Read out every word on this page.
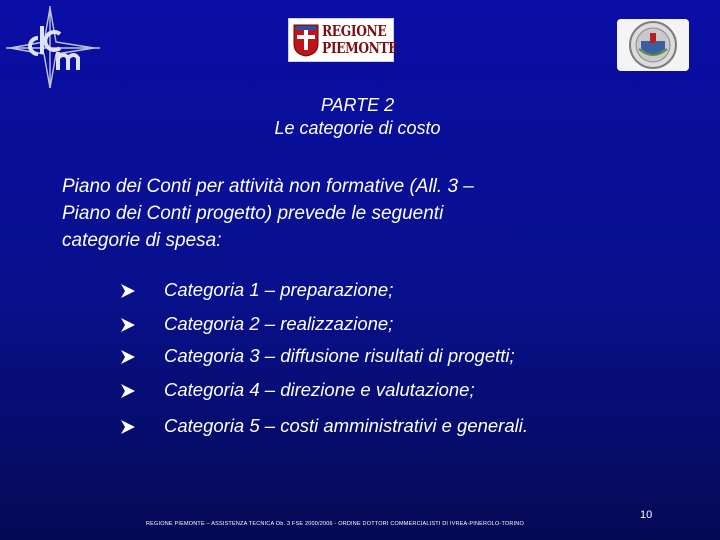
REGIONE
PIEMONTE
PARTE 2
Le categorie di costo
Piano dei Conti per attività non formative (All. 3 –
Piano dei Conti progetto) prevede le seguenti
categorie di spesa:
Categoria 1 – preparazione;
Categoria 2 – realizzazione;
Categoria 3 – diffusione risultati di progetti;
Categoria 4 – direzione e valutazione;
Categoria 5 – costi amministrativi e generali.
REGIONE PIEMONTE – ASSISTENZA TECNICA Ob. 3 FSE 2000/2006 - ORDINE DOTTORI COMMERCIALISTI DI IVREA-PINEROLO-TORINO
10
